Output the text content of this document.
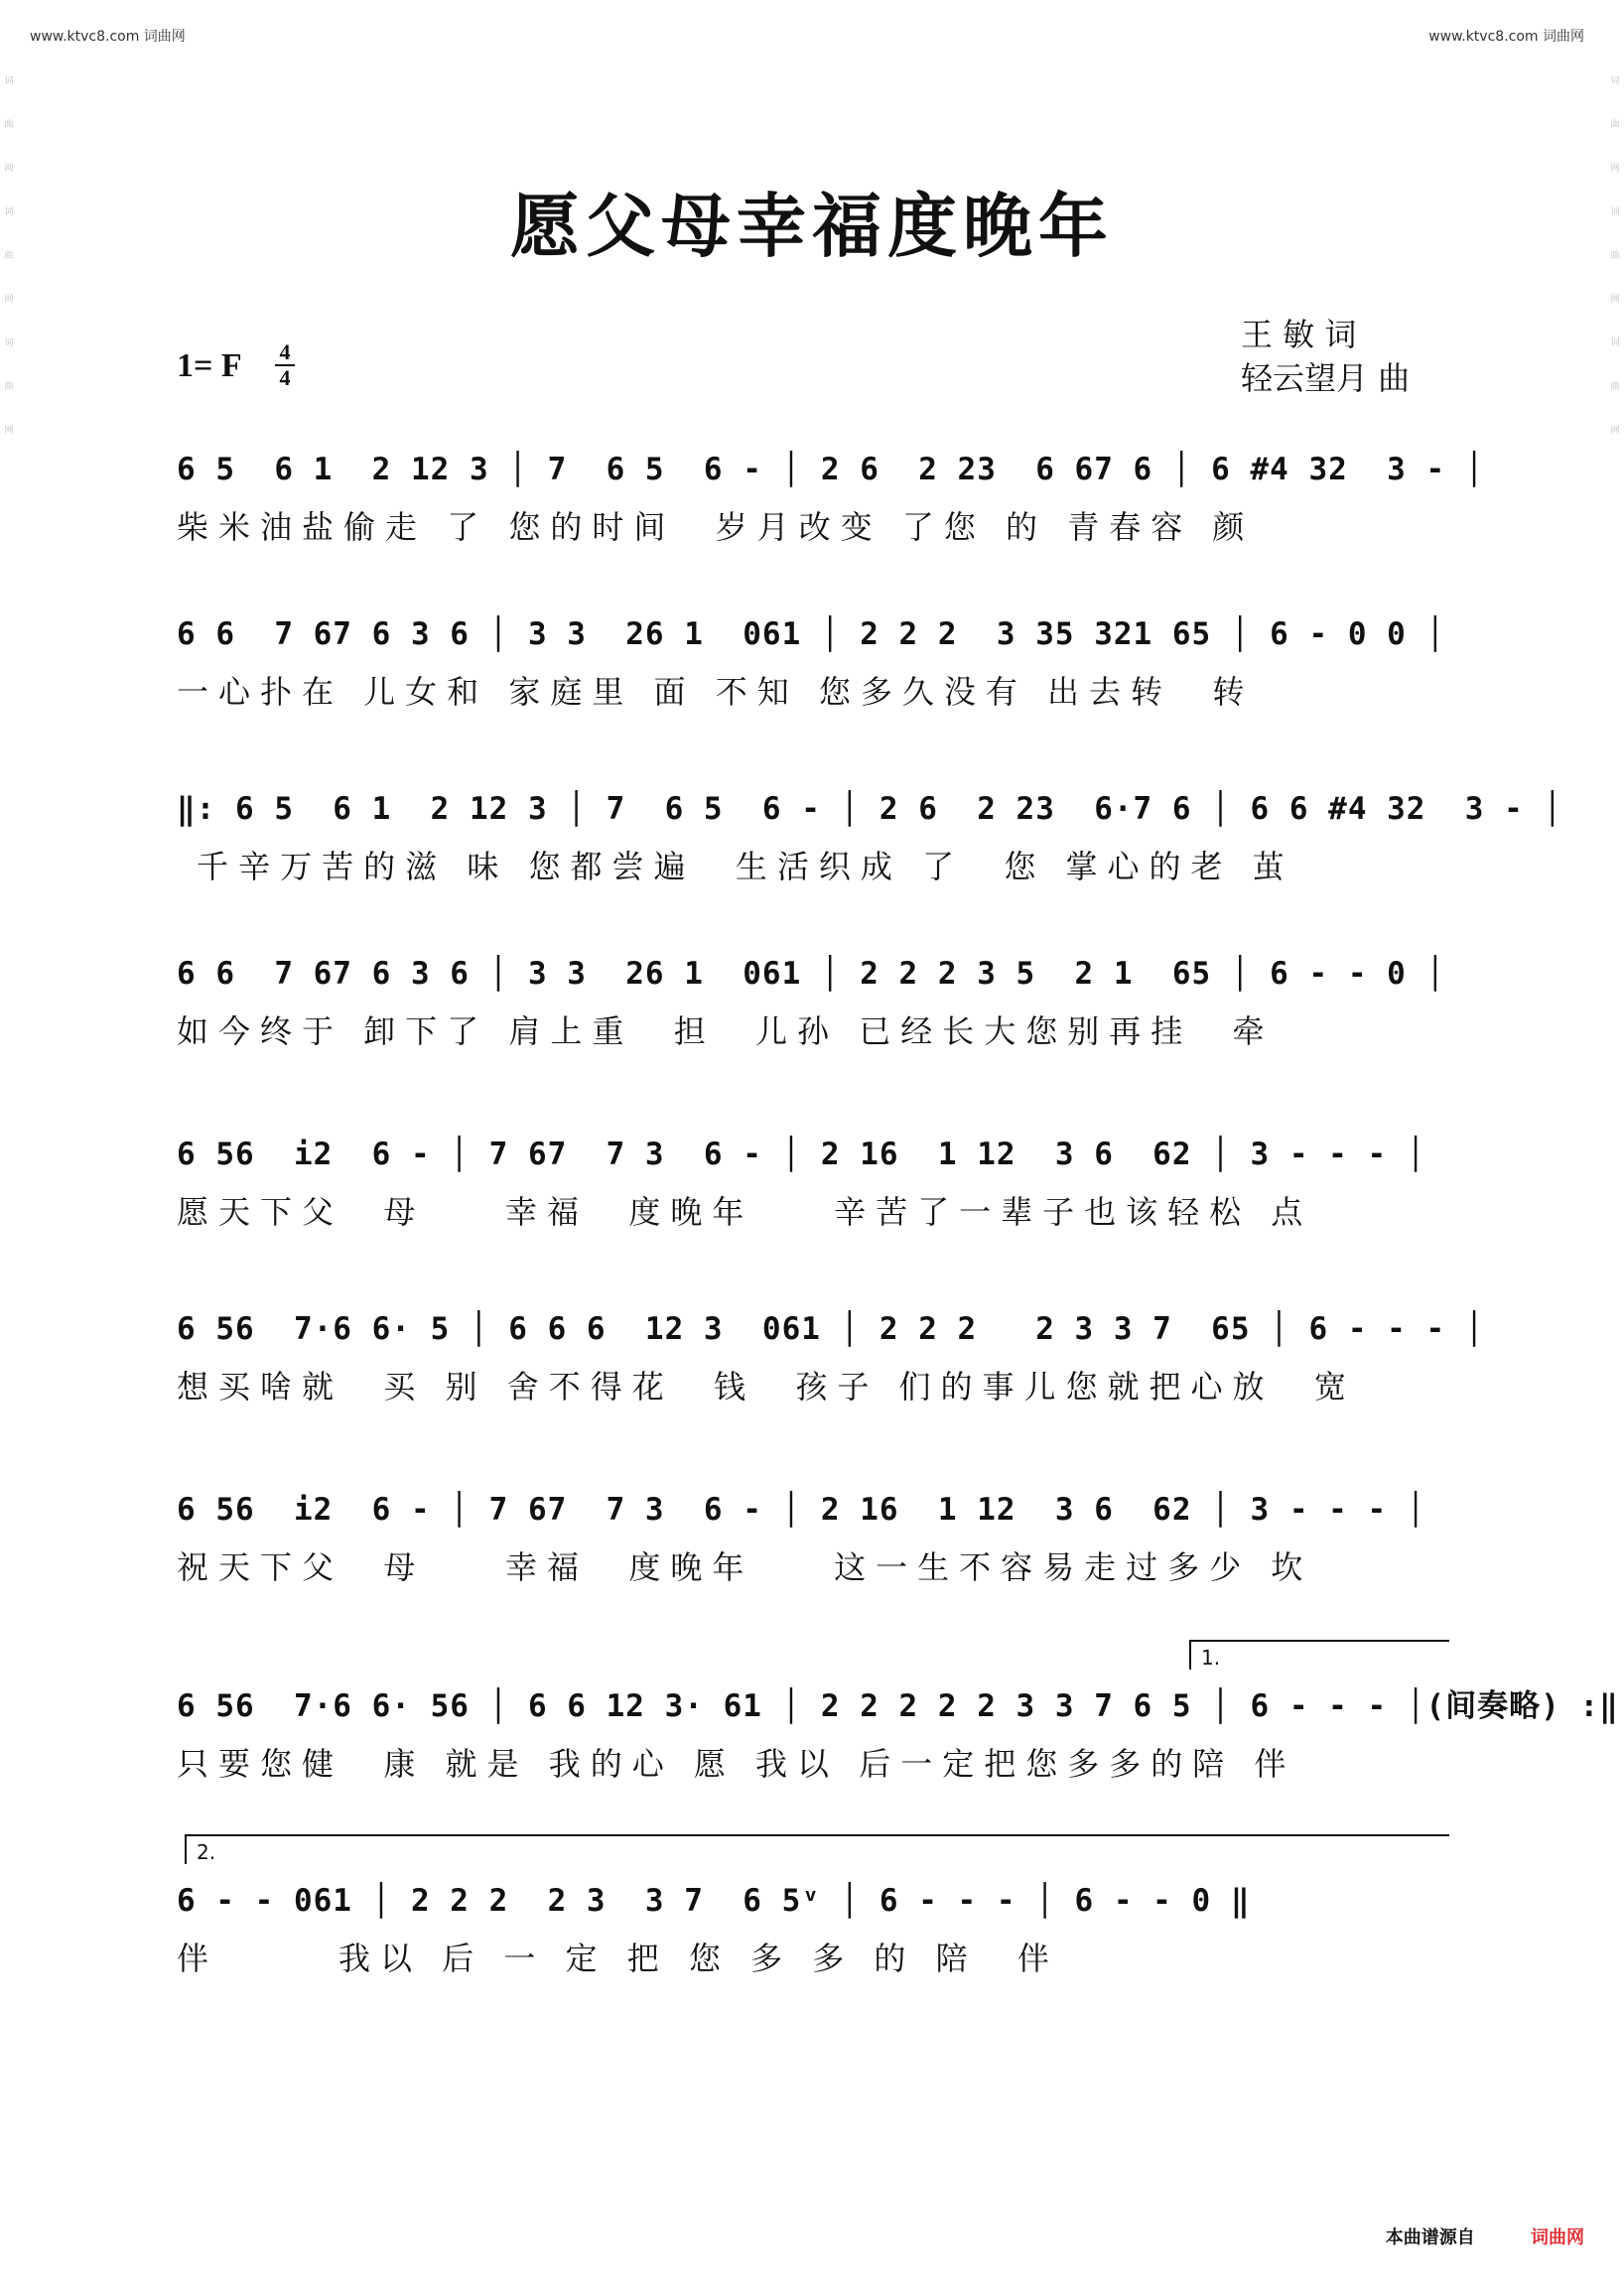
www.ktvc8.com 词曲网	www.ktvc8.com 词曲网
词曲网
词曲网
词曲网
词曲网
词曲网
词曲网
愿父母幸福度晚年
1= F 4
4
王 敏 词
轻云望月 曲
6 5  6 1  2 12 3 │ 7  6 5  6 - │ 2 6  2 23  6 67 6 │ 6 #4 32  3 - │
柴米油盐偷走 了 您的时间  岁月改变 了您 的 青春容 颜
6 6  7 67 6 3 6 │ 3 3  26 1  061 │ 2 2 2  3 35 321 65 │ 6 - 0 0 │
一心扑在 儿女和 家庭里 面 不知 您多久没有 出去转  转
‖: 6 5  6 1  2 12 3 │ 7  6 5  6 - │ 2 6  2 23  6·7 6 │ 6 6 #4 32  3 - │
千辛万苦的滋 味 您都尝遍  生活织成 了  您 掌心的老 茧
6 6  7 67 6 3 6 │ 3 3  26 1  061 │ 2 2 2 3 5  2 1  65 │ 6 - - 0 │
如今终于 卸下了 肩上重  担  儿孙 已经长大您别再挂  牵
6 56  i2  6 - │ 7 67  7 3  6 - │ 2 16  1 12  3 6  62 │ 3 - - - │
愿天下父  母    幸福  度晚年    辛苦了一辈子也该轻松 点
6 56  7·6 6· 5 │ 6 6 6  12 3  061 │ 2 2 2   2 3 3 7  65 │ 6 - - - │
想买啥就  买 别 舍不得花  钱  孩子 们的事儿您就把心放  宽
6 56  i2  6 - │ 7 67  7 3  6 - │ 2 16  1 12  3 6  62 │ 3 - - - │
祝天下父  母    幸福  度晚年    这一生不容易走过多少 坎
1.
6 56  7·6 6· 56 │ 6 6 12 3· 61 │ 2 2 2 2 2 3 3 7 6 5 │ 6 - - - │(间奏略) :‖
只要您健  康 就是 我的心 愿 我以 后一定把您多多的陪 伴
2.
6 - - 061 │ 2 2 2  2 3  3 7  6 5ᵛ │ 6 - - - │ 6 - - 0 ‖
伴      我以 后 一 定 把 您 多 多 的 陪  伴
本曲谱源自	词曲网
